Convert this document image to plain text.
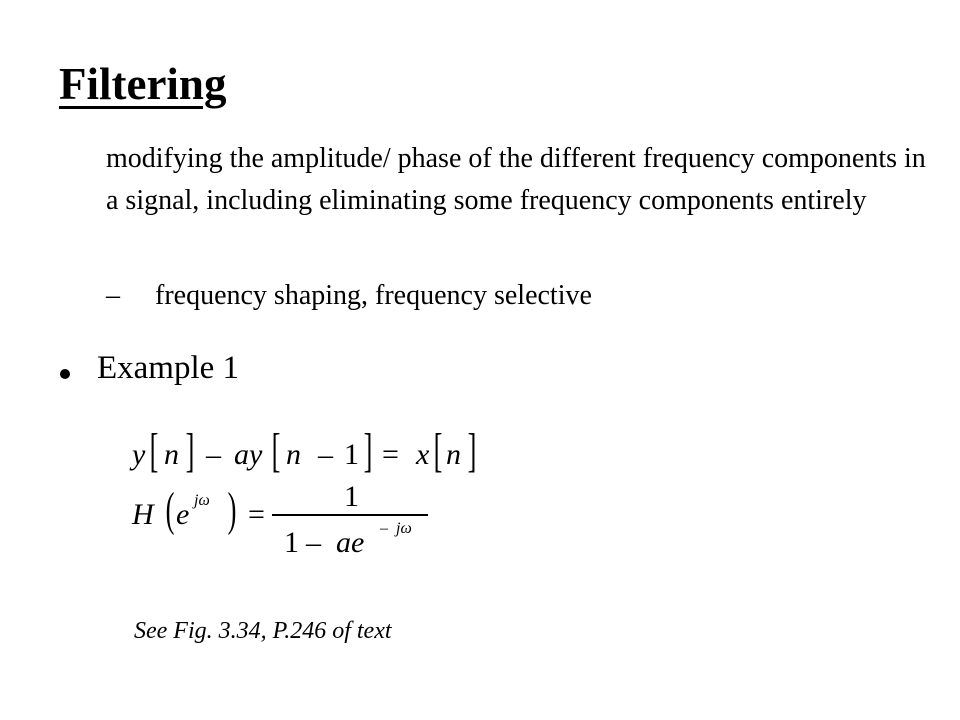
Filtering
modifying the amplitude/ phase of the different frequency components in a signal, including eliminating some frequency components entirely
– frequency shaping, frequency selective
Example 1
y [ n ] – ay [ n – 1 ] = x [ n ]
H ( e jω ) =
1
1 – ae – jω
See Fig. 3.34, P.246 of text
